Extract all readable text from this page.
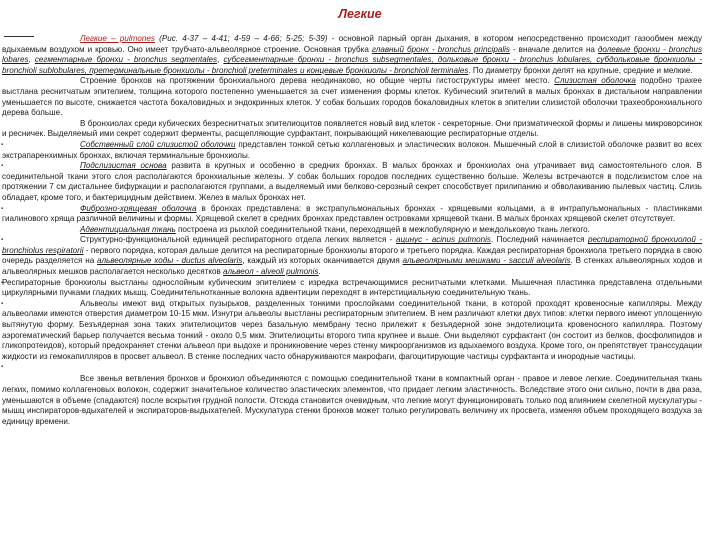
Легкие

Легкие – pulmones (Рис. 4-37 – 4-41; 4-59 – 4-66; 5-25; 5-39) - основной парный орган дыхания, в котором непосредственно происходит газообмен между вдыхаемым воздухом и кровью. Оно имеет трубчато-альвеолярное строение. Основная трубка главный бронх - bronchus principalis - вначале делится на долевые бронхи - bronchus lobares, сегментарные бронхи - bronchus segmentales, субсегментарные бронхи - bronchus subsegmentales, дольковые бронхи - bronchus lobulares, субдольковые бронхиолы - bronchioli sublobulares, претерминальные бронхиолы - bronchioli preterminales и концевые бронхиолы - bronchioli terminales. По диаметру бронхи делят на крупные, средние и мелкие.

Строение бронхов на протяжении бронхиального дерева неодинаково, но общие черты гистоструктуры имеет место. Слизистая оболочка подобно трахее выстлана реснитчатым эпителием, толщина которого постепенно уменьшается за счет изменения формы клеток. Кубический эпителий в малых бронхах в дистальном направлении уменьшается по высоте, снижается частота бокаловидных и эндокринных клеток. У собак больших городов бокаловидных клеток в эпителии слизистой оболочки трахеобронхиального дерева больше.

В бронхиолах среди кубических безреснитчатых эпителиоцитов появляется новый вид клеток - секреторные. Они призматической формы и лишены микроворсинок и ресничек. Выделяемый ими секрет содержит ферменты, расщепляющие сурфактант, покрывающий никелевающие респираторные отделы.

▪ Собственный слой слизистой оболочки представлен тонкой сетью коллагеновых и эластических волокон. Мышечный слой в слизистой оболочке развит во всех экстрапаренхимных бронхах, включая терминальные бронхиолы.

▪ Подслизистая основа развита в крупных и особенно в средних бронхах. В малых бронхах и бронхиолах она утрачивает вид самостоятельного слоя. В соединительной ткани этого слоя располагаются бронхиальные железы. У собак больших городов последних существенно больше. Железы встречаются в подслизистом слое на протяжении 7 см дистальнее бифуркации и располагаются группами, а выделяемый ими белково-серозный секрет способствует прилипанию и обволакиванию пылевых частиц. Слизь обладает, кроме того, и бактерицидным действием. Желез в малых бронхах нет.

▪ Фиброзно-хрящевая оболочка в бронхах представлена: в экстрапульмональных бронхах - хрящевыми кольцами, а в интрапульмональных - пластинками гиалинового хряща различной величины и формы. Хрящевой скелет в средних бронхах представлен островками хрящевой ткани. В малых бронхах хрящевой скелет отсутствует.

Адвентициальная ткань построена из рыхлой соединительной ткани, переходящей в межлобулярную и междольковую ткань легкого.

▪ Структурно-функциональной единицей респираторного отдела легких является - ацинус - acinus pulmonis. Последний начинается респираторной бронхиолой - bronchiolus respiratorii - первого порядка, которая дальше делится на респираторные бронхиолы второго и третьего порядка. Каждая респираторная бронхиола третьего порядка в свою очередь разделяется на альвеолярные ходы - ductus alveolaris, каждый из которых оканчивается двумя альвеолярными мешками - sacculi alveolaris. В стенках альвеолярных ходов и альвеолярных мешков располагается несколько десятков альвеол - alveoli pulmonis.

▪ Респираторные бронхиолы выстланы однослойным кубическим эпителием с изредка встречающимися реснитчатыми клетками. Мышечная пластинка представлена отдельными циркулярными пучками гладких мышц. Соединительнотканные волокна адвентиции переходят в интерстициальную соединительную ткань.

▪ Альвеолы имеют вид открытых пузырьков, разделенных тонкими прослойками соединительной ткани, в которой проходят кровеносные капилляры. Между альвеолами имеются отверстия диаметром 10-15 мкм. Изнутри альвеолы выстланы респираторным эпителием. В нем различают клетки двух типов: клетки первого имеют уплощенную вытянутую форму. Безъядерная зона таких эпителиоцитов через базальную мембрану тесно прилежит к безъядерной зоне эндотелиоцита кровеносного капилляра. Поэтому аэрогематический барьер получается весьма тонкий - около 0,5 мкм. Эпителиоциты второго типа крупнее и выше. Они выделяют сурфактант (он состоит из белков, фосфолипидов и гликопротеидов), который предохраняет стенки альвеол при выдохе и проникновение через стенку микроорганизмов из вдыхаемого воздуха. Кроме того, он препятствует транссудации жидкости из гемокапилляров в просвет альвеол. В стенке последних часто обнаруживаются макрофаги, фагоцитирующие частицы сурфактанта и инородные частицы.

▪

Все звенья ветвления бронхов и бронхиол объединяются с помощью соединительной ткани в компактный орган - правое и левое легкие. Соединительная ткань легких, помимо коллагеновых волокон, содержит значительное количество эластических элементов, что придает легким эластичность. Вследствие этого они сильно, почти в два раза, уменьшаются в объеме (спадаются) после вскрытия грудной полости. Отсюда становится очевидным, что легкие могут функционировать только под влиянием скелетной мускулатуры - мышц инспираторов-вдыхателей и экспираторов-выдыхателей. Мускулатура стенки бронхов может только регулировать величину их просвета, изменяя объем проходящего воздуха за единицу времени.
